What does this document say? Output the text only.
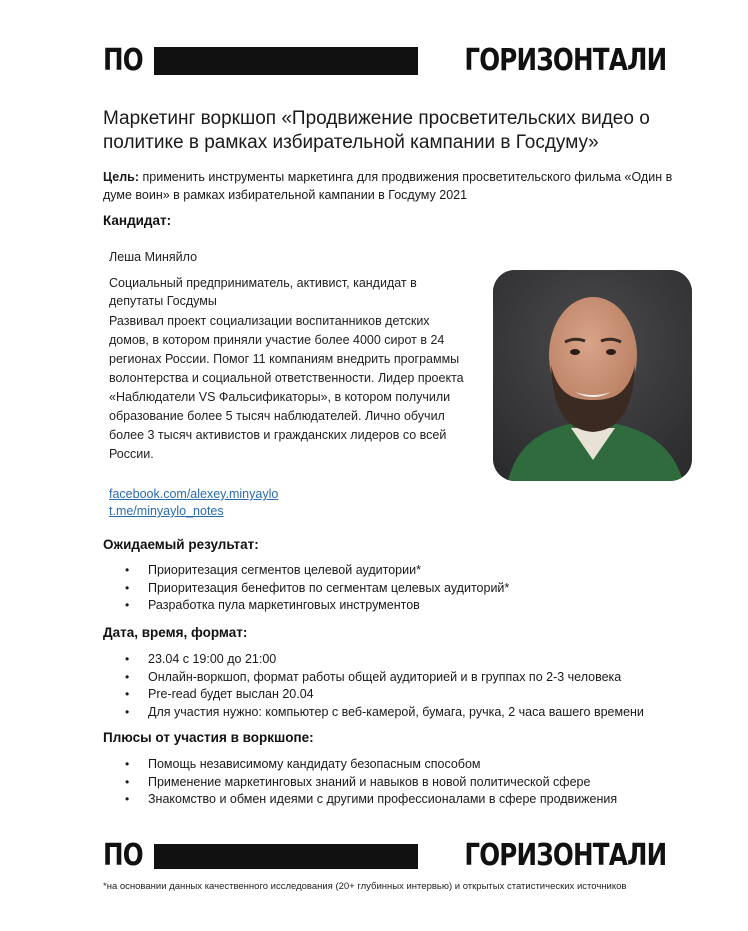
ПО	ГОРИЗОНТАЛИ
Маркетинг воркшоп «Продвижение просветительских видео о политике в рамках избирательной кампании в Госдуму»
Цель: применить инструменты маркетинга для продвижения просветительского фильма «Один в думе воин» в рамках избирательной кампании в Госдуму 2021
Кандидат:
Леша Миняйло
Социальный предприниматель, активист, кандидат в депутаты Госдумы
Развивал проект социализации воспитанников детских домов, в котором приняли участие более 4000 сирот в 24 регионах России. Помог 11 компаниям внедрить программы волонтерства и социальной ответственности. Лидер проекта «Наблюдатели VS Фальсификаторы», в котором получили образование более 5 тысяч наблюдателей. Лично обучил более 3 тысяч активистов и гражданских лидеров со всей России.
facebook.com/alexey.minyaylo
t.me/minyaylo_notes
Ожидаемый результат:
• Приоритезация сегментов целевой аудитории*
• Приоритезация бенефитов по сегментам целевых аудиторий*
• Разработка пула маркетинговых инструментов
Дата, время, формат:
• 23.04 с 19:00 до 21:00
• Онлайн-воркшоп, формат работы общей аудиторией и в группах по 2-3 человека
• Pre-read будет выслан 20.04
• Для участия нужно: компьютер с веб-камерой, бумага, ручка, 2 часа вашего времени
Плюсы от участия в воркшопе:
• Помощь независимому кандидату безопасным способом
• Применение маркетинговых знаний и навыков в новой политической сфере
• Знакомство и обмен идеями с другими профессионалами в сфере продвижения
ПО	ГОРИЗОНТАЛИ
*на основании данных качественного исследования (20+ глубинных интервью) и открытых статистических источников
